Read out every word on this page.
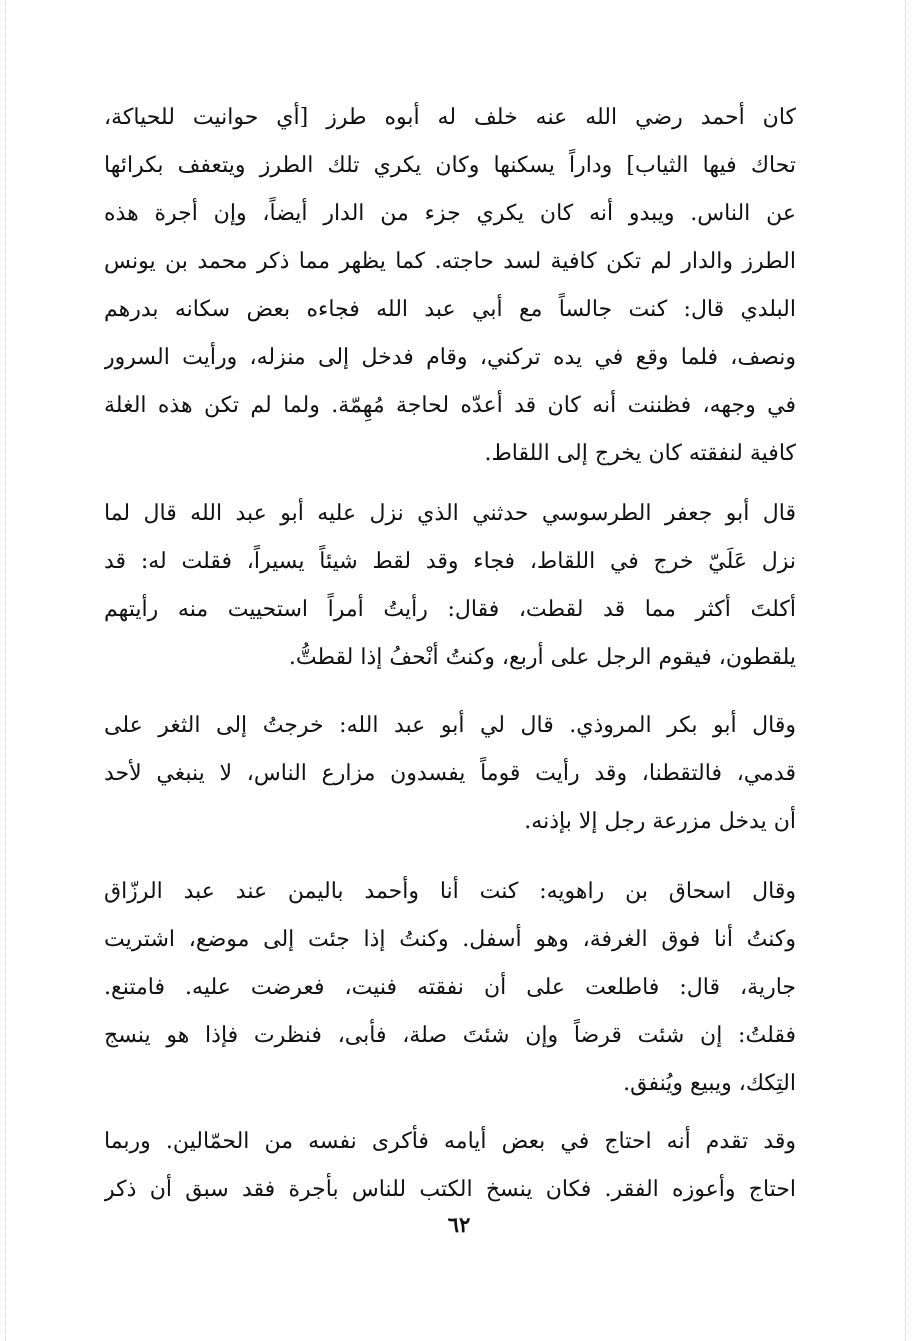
كان أحمد رضي الله عنه خلف له أبوه طرز [أي حوانيت للحياكة،
تحاك فيها الثياب] وداراً يسكنها وكان يكري تلك الطرز ويتعفف بكرائها
عن الناس. ويبدو أنه كان يكري جزء من الدار أيضاً، وإن أجرة هذه
الطرز والدار لم تكن كافية لسد حاجته. كما يظهر مما ذكر محمد بن يونس
البلدي قال: كنت جالساً مع أبي عبد الله فجاءه بعض سكانه بدرهم
ونصف، فلما وقع في يده تركني، وقام فدخل إلى منزله، ورأيت السرور
في وجهه، فظننت أنه كان قد أعدّه لحاجة مُهِمّة. ولما لم تكن هذه الغلة
كافية لنفقته كان يخرج إلى اللقاط.
قال أبو جعفر الطرسوسي حدثني الذي نزل عليه أبو عبد الله قال لما
نزل عَلَيّ خرج في اللقاط، فجاء وقد لقط شيئاً يسيراً، فقلت له: قد
أكلتَ أكثر مما قد لقطت، فقال: رأيتُ أمراً استحييت منه رأيتهم
يلقطون، فيقوم الرجل على أربع، وكنتُ أنْحفُ إذا لقطتُّ.
وقال أبو بكر المروذي. قال لي أبو عبد الله: خرجتُ إلى الثغر على
قدمي، فالتقطنا، وقد رأيت قوماً يفسدون مزارع الناس، لا ينبغي لأحد
أن يدخل مزرعة رجل إلا بإذنه.
وقال اسحاق بن راهويه: كنت أنا وأحمد باليمن عند عبد الرزّاق
وكنتُ أنا فوق الغرفة، وهو أسفل. وكنتُ إذا جئت إلى موضع، اشتريت
جارية، قال: فاطلعت على أن نفقته فنيت، فعرضت عليه. فامتنع.
فقلتُ: إن شئت قرضاً وإن شئتَ صلة، فأبى، فنظرت فإذا هو ينسج
التِكك، ويبيع ويُنفق.
وقد تقدم أنه احتاج في بعض أيامه فأكرى نفسه من الحمّالين. وربما
احتاج وأعوزه الفقر. فكان ينسخ الكتب للناس بأجرة فقد سبق أن ذكر
٦٢
